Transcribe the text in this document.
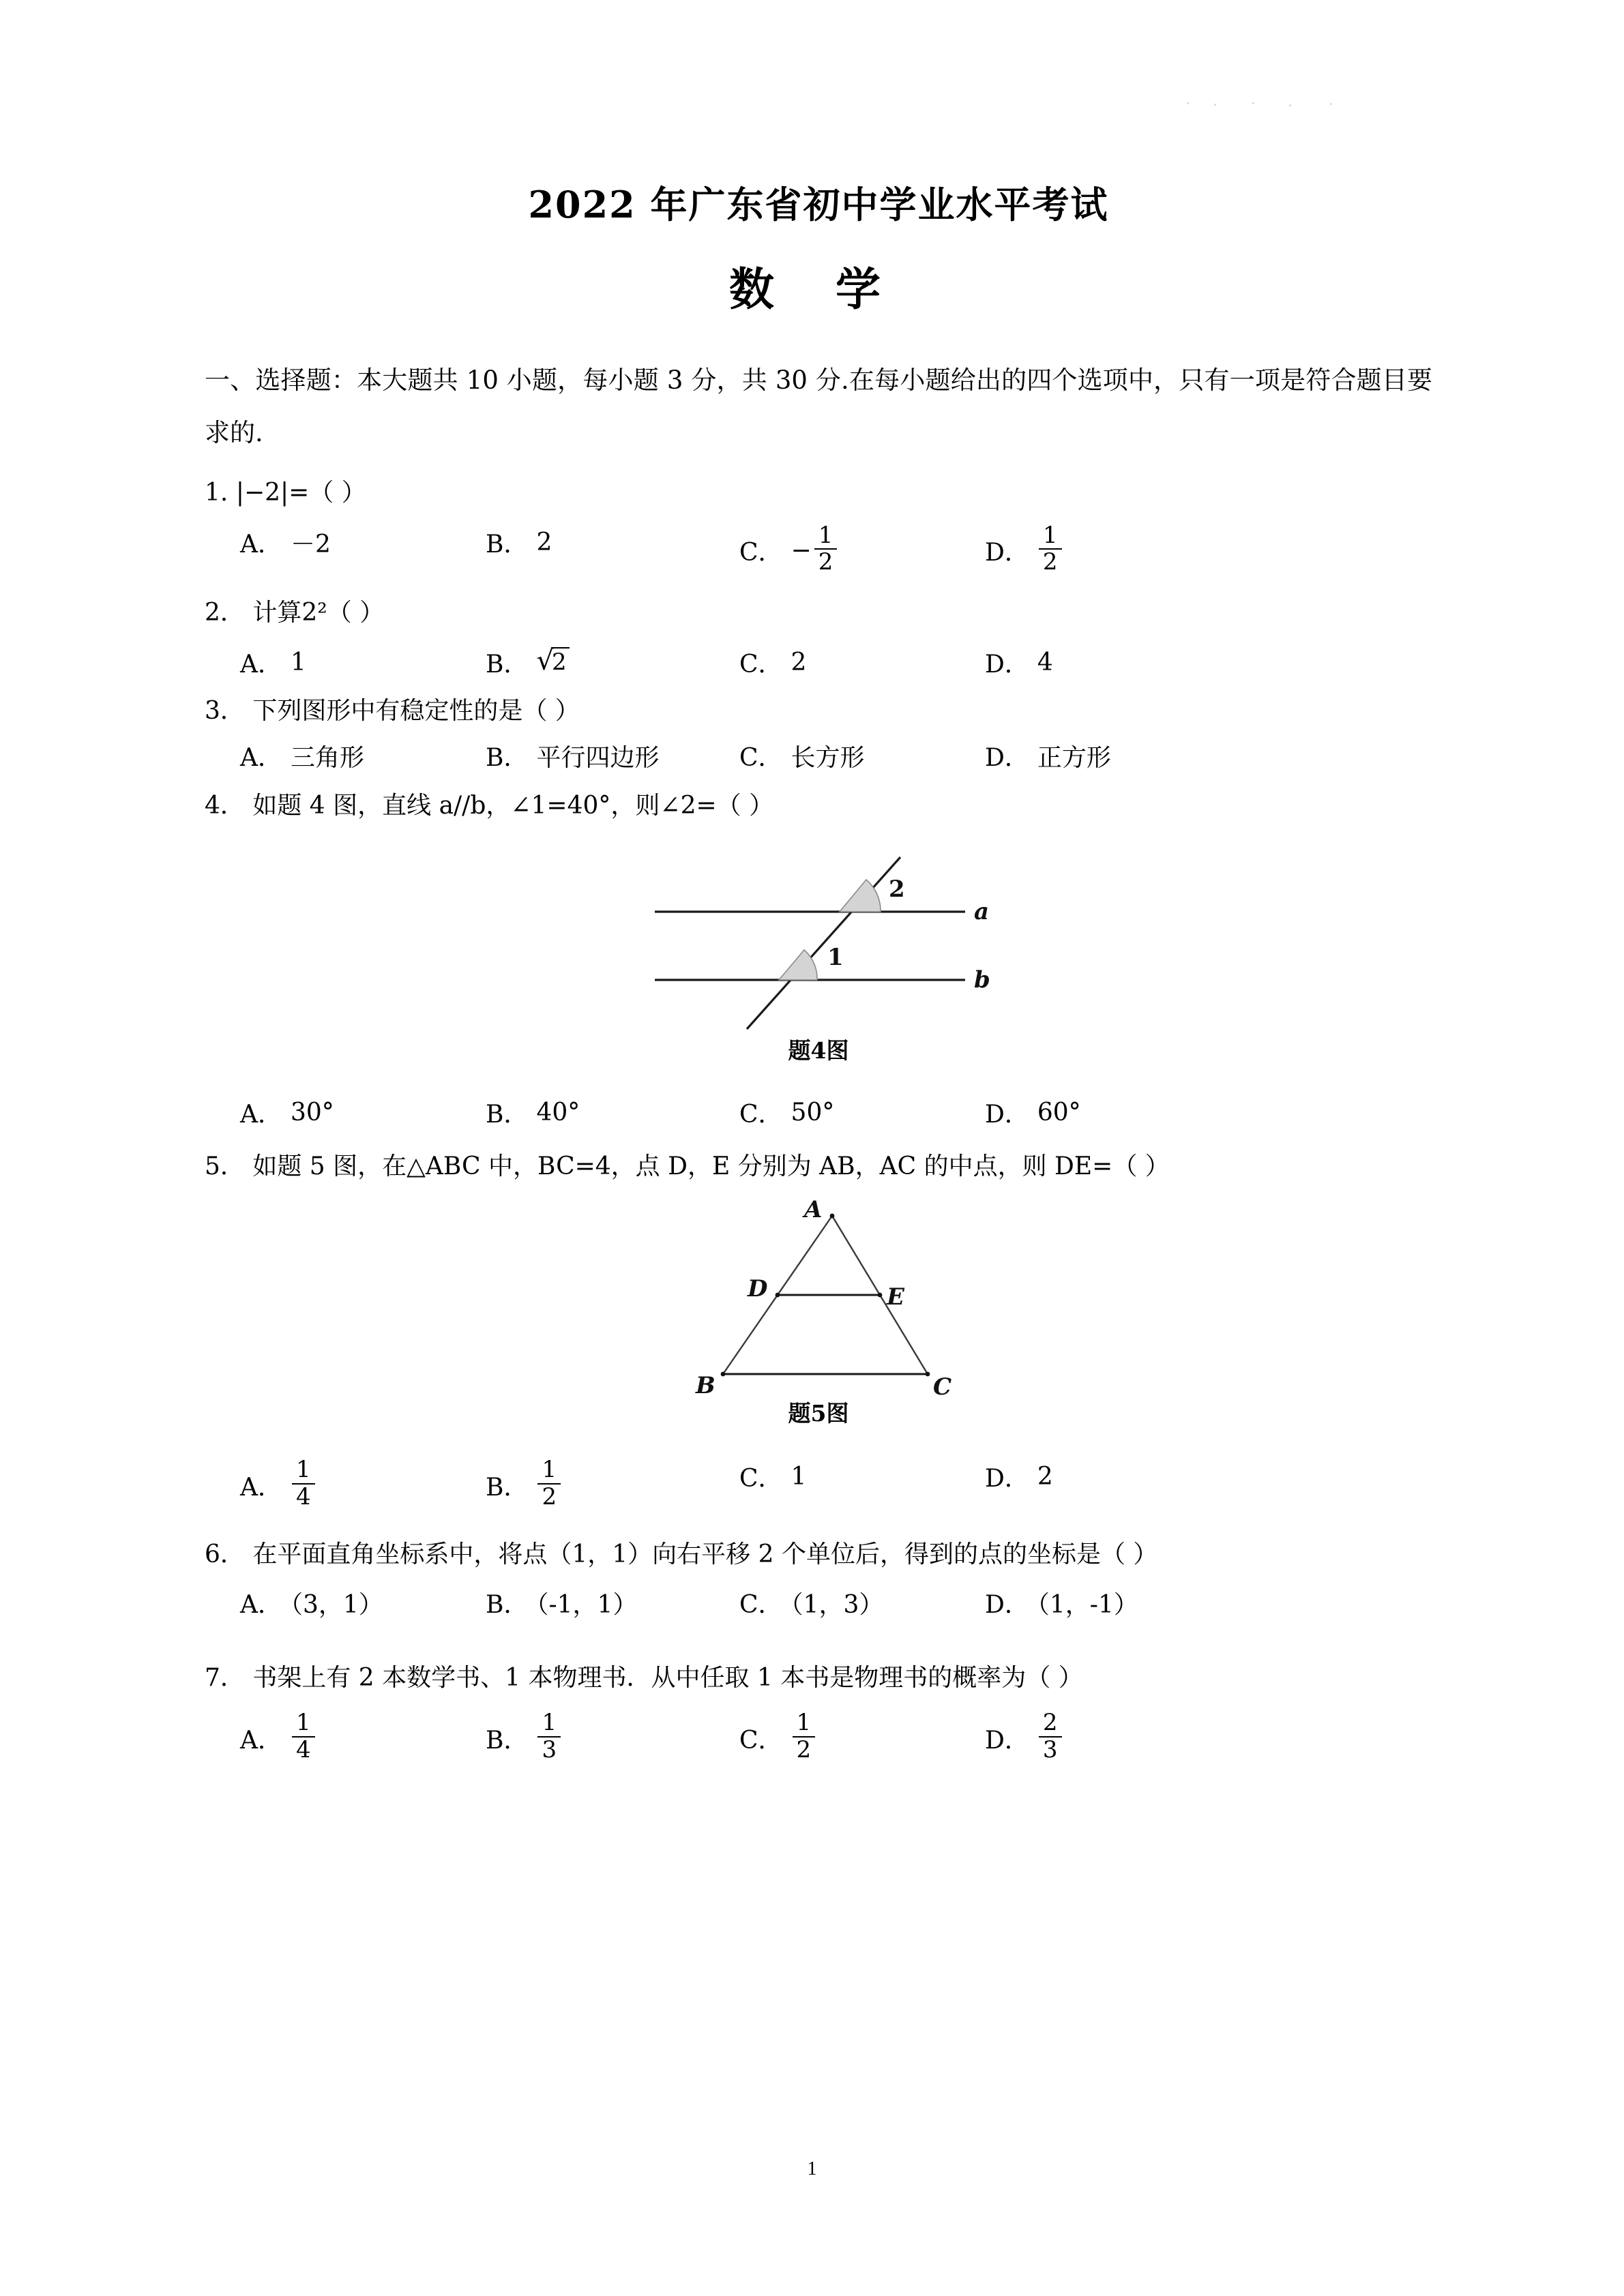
2022 年广东省初中学业水平考试
数 学
一、选择题：本大题共 10 小题，每小题 3 分，共 30 分.在每小题给出的四个选项中，只有一项是符合题目要求的.
1. |−2|=（ ）
A． －2	B． 2	C． − $\frac{1}{2}$	D． $\frac{1}{2}$
2． 计算2²（ ）
A． 1	B． √
2	C． 2	D． 4
3． 下列图形中有稳定性的是（ ）
A． 三角形	B． 平行四边形	C． 长方形	D． 正方形
4． 如题 4 图，直线 a//b，∠1=40°，则∠2=（ ）
2
1
a
b
题4图
A． 30°	B． 40°	C． 50°	D． 60°
5． 如题 5 图，在△ABC 中，BC=4，点 D，E 分别为 AB，AC 的中点，则 DE=（ ）
A
B	C
D	E
题5图
A． $\frac{1}{4}$	B． $\frac{1}{2}$	C． 1	D． 2
6． 在平面直角坐标系中，将点（1，1）向右平移 2 个单位后，得到的点的坐标是（ ）
A． （3，1）	B． （-1，1）	C． （1，3）	D． （1，-1）
7． 书架上有 2 本数学书、1 本物理书．从中任取 1 本书是物理书的概率为（ ）
A． $\frac{1}{4}$	B． $\frac{1}{3}$	C． $\frac{1}{2}$	D． $\frac{2}{3}$
1
